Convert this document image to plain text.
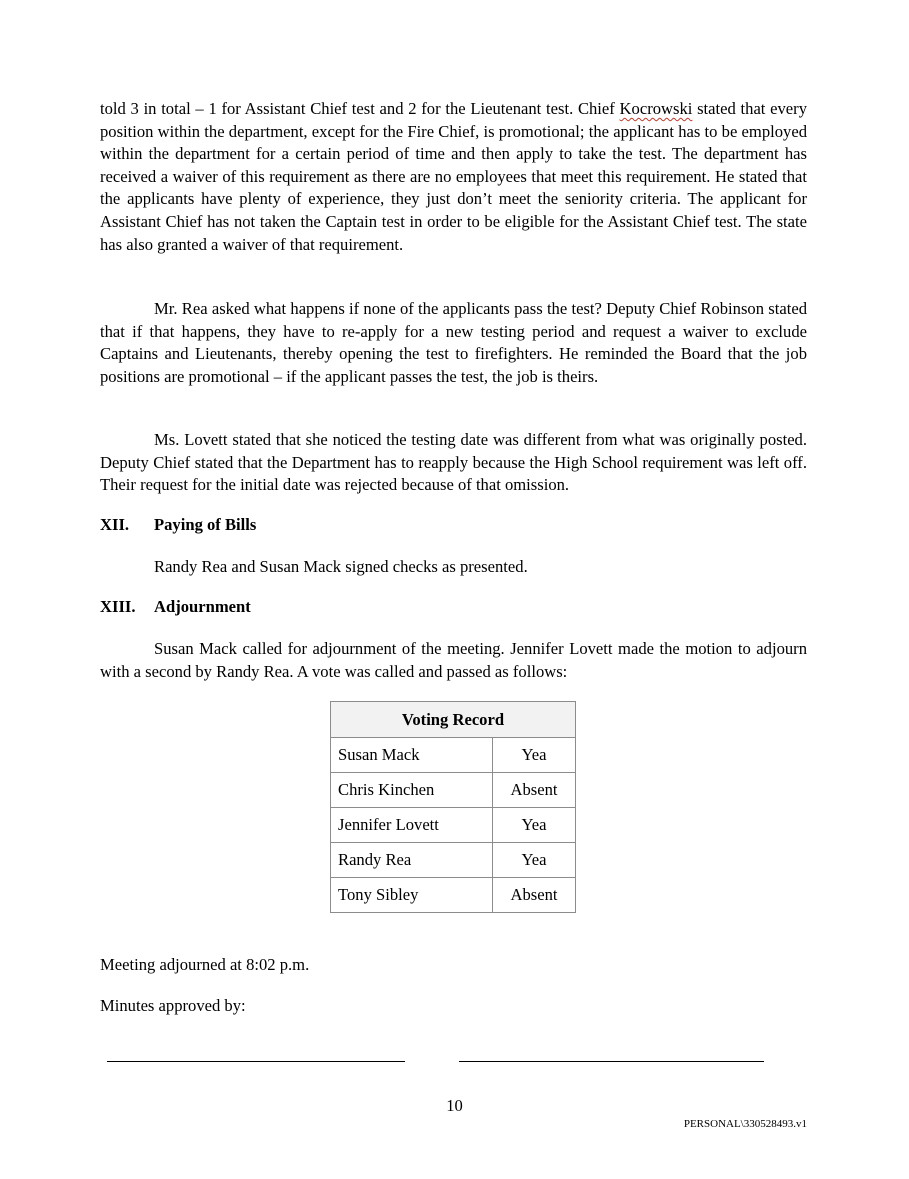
told 3 in total – 1 for Assistant Chief test and 2 for the Lieutenant test. Chief Kocrowski stated that every position within the department, except for the Fire Chief, is promotional; the applicant has to be employed within the department for a certain period of time and then apply to take the test. The department has received a waiver of this requirement as there are no employees that meet this requirement. He stated that the applicants have plenty of experience, they just don’t meet the seniority criteria. The applicant for Assistant Chief has not taken the Captain test in order to be eligible for the Assistant Chief test. The state has also granted a waiver of that requirement.

Mr. Rea asked what happens if none of the applicants pass the test? Deputy Chief Robinson stated that if that happens, they have to re-apply for a new testing period and request a waiver to exclude Captains and Lieutenants, thereby opening the test to firefighters. He reminded the Board that the job positions are promotional – if the applicant passes the test, the job is theirs.

Ms. Lovett stated that she noticed the testing date was different from what was originally posted. Deputy Chief stated that the Department has to reapply because the High School requirement was left off. Their request for the initial date was rejected because of that omission.

XII. Paying of Bills

Randy Rea and Susan Mack signed checks as presented.

XIII. Adjournment

Susan Mack called for adjournment of the meeting. Jennifer Lovett made the motion to adjourn with a second by Randy Rea. A vote was called and passed as follows:

Voting Record	
Susan Mack	Yea
Chris Kinchen	Absent
Jennifer Lovett	Yea
Randy Rea	Yea
Tony Sibley	Absent
Meeting adjourned at 8:02 p.m.
Minutes approved by:
10
PERSONAL\330528493.v1
